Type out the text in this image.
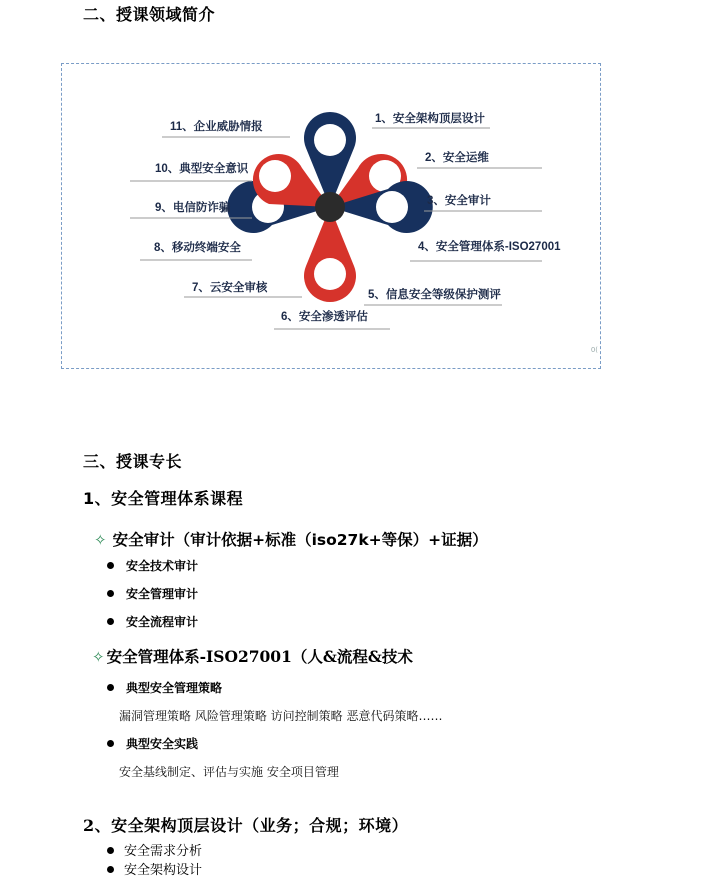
二、授课领域简介
1、安全架构顶层设计
2、安全运维
3、安全审计
4、安全管理体系-ISO27001
5、信息安全等级保护测评
6、安全渗透评估
7、云安全审核
8、移动终端安全
9、电信防诈骗
10、典型安全意识
11、企业威胁情报
0(
三、授课专长
1、安全管理体系课程
✧ 安全审计（审计依据+标准（iso27k+等保）+证据）
安全技术审计
安全管理审计
安全流程审计
✧ 安全管理体系-ISO27001（人&流程&技术
典型安全管理策略
漏洞管理策略 风险管理策略 访问控制策略 恶意代码策略……
典型安全实践
安全基线制定、评估与实施 安全项目管理
2、安全架构顶层设计（业务；合规；环境）
安全需求分析
安全架构设计
